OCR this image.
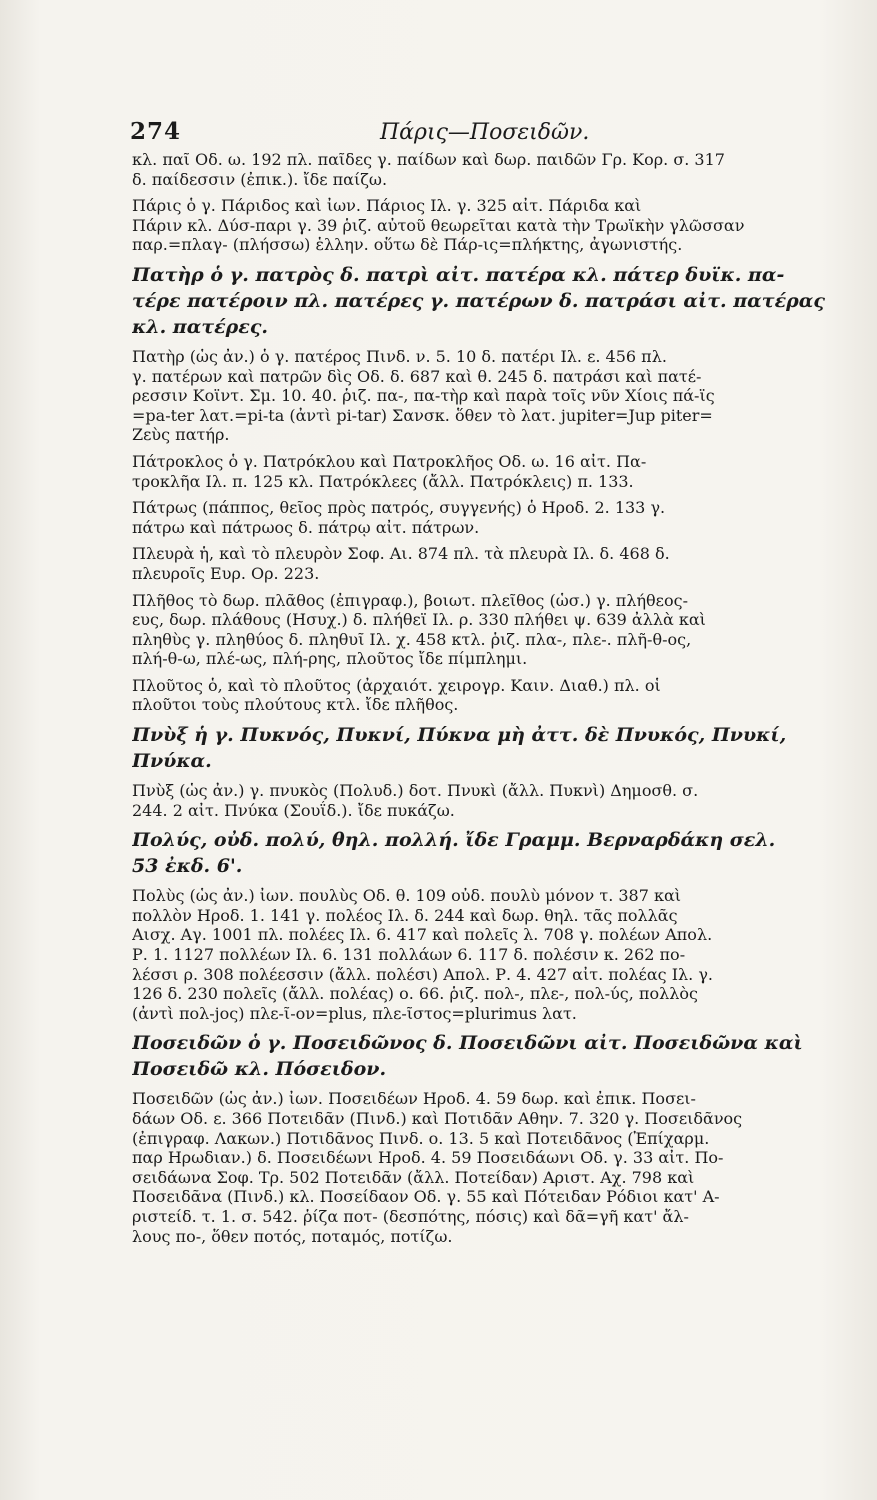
274	Πάρις—Ποσειδῶν.
κλ. παῖ Οδ. ω. 192 πλ. παῖδες γ. παίδων καὶ δωρ. παιδῶν Γρ. Κορ. σ. 317
δ. παίδεσσιν (ἐπικ.). ἴδε παίζω.
Πάρις ὁ γ. Πάριδος καὶ ἰων. Πάριος Ιλ. γ. 325 αἰτ. Πάριδα καὶ
Πάριν κλ. Δύσ-παρι γ. 39 ῥιζ. αὐτοῦ θεωρεῖται κατὰ τὴν Τρωϊκὴν γλῶσσαν
παρ.=πλαγ- (πλήσσω) ἑλλην. οὕτω δὲ Πάρ-ις=πλήκτης, ἀγωνιστής.
Πατὴρ ὁ γ. πατρὸς δ. πατρὶ αἰτ. πατέρα κλ. πάτερ δυϊκ. πα-
τέρε πατέροιν πλ. πατέρες γ. πατέρων δ. πατράσι αἰτ. πατέρας
κλ. πατέρες.
Πατὴρ (ὡς ἀν.) ὁ γ. πατέρος Πινδ. ν. 5. 10 δ. πατέρι Ιλ. ε. 456 πλ.
γ. πατέρων καὶ πατρῶν δὶς Οδ. δ. 687 καὶ θ. 245 δ. πατράσι καὶ πατέ-
ρεσσιν Κοϊντ. Σμ. 10. 40. ῥιζ. πα-, πα-τὴρ καὶ παρὰ τοῖς νῦν Χίοις πά-ϊς
=pa-ter λατ.=pi-ta (ἀντὶ pi-tar) Σανσκ. ὅθεν τὸ λατ. jupiter=Jup piter=
Ζεὺς πατήρ.
Πάτροκλος ὁ γ. Πατρόκλου καὶ Πατροκλῆος Οδ. ω. 16 αἰτ. Πα-
τροκλῆα Ιλ. π. 125 κλ. Πατρόκλεες (ἄλλ. Πατρόκλεις) π. 133.
Πάτρως (πάππος, θεῖος πρὸς πατρός, συγγενής) ὁ Ηροδ. 2. 133 γ.
πάτρω καὶ πάτρωος δ. πάτρῳ αἰτ. πάτρων.
Πλευρὰ ἡ, καὶ τὸ πλευρὸν Σοφ. Αι. 874 πλ. τὰ πλευρὰ Ιλ. δ. 468 δ.
πλευροῖς Ευρ. Ορ. 223.
Πλῆθος τὸ δωρ. πλᾶθος (ἐπιγραφ.), βοιωτ. πλεῖθος (ὡσ.) γ. πλήθεος-
ευς, δωρ. πλάθους (Ησυχ.) δ. πλήθεϊ Ιλ. ρ. 330 πλήθει ψ. 639 ἀλλὰ καὶ
πληθὺς γ. πληθύος δ. πληθυῖ Ιλ. χ. 458 κτλ. ῥιζ. πλα-, πλε-. πλῆ-θ-ος,
πλή-θ-ω, πλέ-ως, πλή-ρης, πλοῦτος ἴδε πίμπλημι.
Πλοῦτος ὁ, καὶ τὸ πλοῦτος (ἀρχαιότ. χειρογρ. Καιν. Διαθ.) πλ. οἱ
πλοῦτοι τοὺς πλούτους κτλ. ἴδε πλῆθος.
Πνὺξ ἡ γ. Πυκνός, Πυκνί, Πύκνα μὴ ἀττ. δὲ Πνυκός, Πνυκί,
Πνύκα.
Πνὺξ (ὡς ἀν.) γ. πνυκὸς (Πολυδ.) δοτ. Πνυκὶ (ἄλλ. Πυκνὶ) Δημοσθ. σ.
244. 2 αἰτ. Πνύκα (Σουΐδ.). ἴδε πυκάζω.
Πολύς, οὐδ. πολύ, θηλ. πολλή. ἴδε Γραμμ. Βερναρδάκη σελ.
53 ἐκδ. 6'.
Πολὺς (ὡς ἀν.) ἰων. πουλὺς Οδ. θ. 109 οὐδ. πουλὺ μόνον τ. 387 καὶ
πολλὸν Ηροδ. 1. 141 γ. πολέος Ιλ. δ. 244 καὶ δωρ. θηλ. τᾶς πολλᾶς
Αισχ. Αγ. 1001 πλ. πολέες Ιλ. 6. 417 καὶ πολεῖς λ. 708 γ. πολέων Απολ.
Ρ. 1. 1127 πολλέων Ιλ. 6. 131 πολλάων 6. 117 δ. πολέσιν κ. 262 πο-
λέσσι ρ. 308 πολέεσσιν (ἄλλ. πολέσι) Απολ. Ρ. 4. 427 αἰτ. πολέας Ιλ. γ.
126 δ. 230 πολεῖς (ἄλλ. πολέας) ο. 66. ῥιζ. πολ-, πλε-, πολ-ύς, πολλὸς
(ἀντὶ πολ-jος) πλε-ῖ-ον=plus, πλε-ῖστος=plurimus λατ.
Ποσειδῶν ὁ γ. Ποσειδῶνος δ. Ποσειδῶνι αἰτ. Ποσειδῶνα καὶ
Ποσειδῶ κλ. Πόσειδον.
Ποσειδῶν (ὡς ἀν.) ἰων. Ποσειδέων Ηροδ. 4. 59 δωρ. καὶ ἐπικ. Ποσει-
δάων Οδ. ε. 366 Ποτειδᾶν (Πινδ.) καὶ Ποτιδᾶν Αθην. 7. 320 γ. Ποσειδᾶνος
(ἐπιγραφ. Λακων.) Ποτιδᾶνος Πινδ. ο. 13. 5 καὶ Ποτειδᾶνος (Ἐπίχαρμ.
παρ Ηρωδιαν.) δ. Ποσειδέωνι Ηροδ. 4. 59 Ποσειδάωνι Οδ. γ. 33 αἰτ. Πο-
σειδάωνα Σοφ. Τρ. 502 Ποτειδᾶν (ἄλλ. Ποτείδαν) Αριστ. Αχ. 798 καὶ
Ποσειδᾶνα (Πινδ.) κλ. Ποσείδαον Οδ. γ. 55 καὶ Πότειδαν Ρόδιοι κατ' Α-
ριστείδ. τ. 1. σ. 542. ῥίζα ποτ- (δεσπότης, πόσις) καὶ δᾶ=γῆ κατ' ἄλ-
λους πο-, ὅθεν ποτός, ποταμός, ποτίζω.
